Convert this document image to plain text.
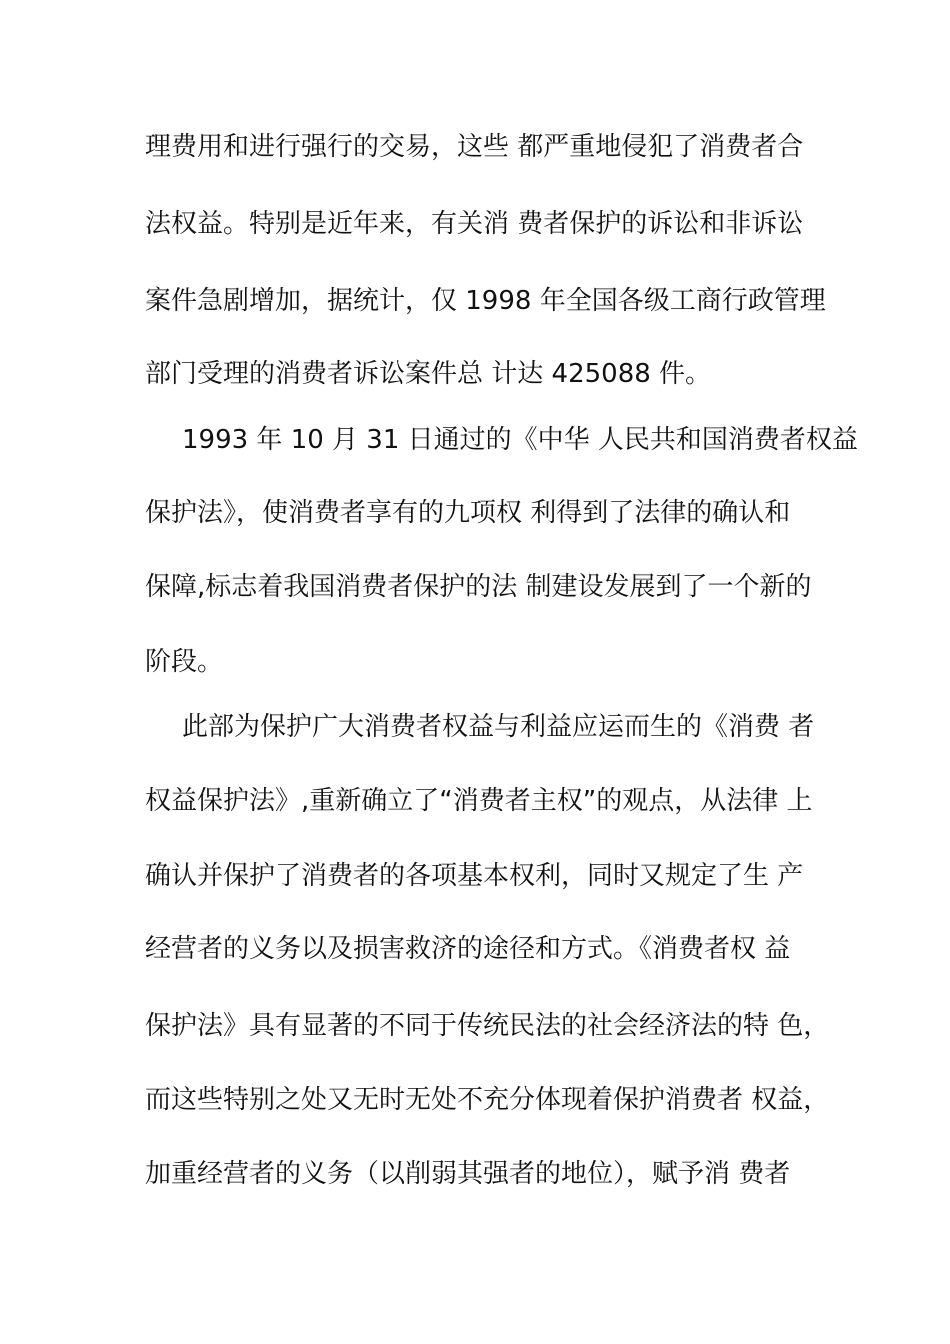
理费用和进行强行的交易，这些 都严重地侵犯了消费者合
法权益。特别是近年来，有关消 费者保护的诉讼和非诉讼
案件急剧增加，据统计，仅 1998 年全国各级工商行政管理
部门受理的消费者诉讼案件总 计达 425088 件。
1993 年 10 月 31 日通过的《中华 人民共和国消费者权益
保护法》，使消费者享有的九项权 利得到了法律的确认和
保障,标志着我国消费者保护的法 制建设发展到了一个新的
阶段。
此部为保护广大消费者权益与利益应运而生的《消费 者
权益保护法》,重新确立了“消费者主权”的观点，从法律 上
确认并保护了消费者的各项基本权利，同时又规定了生 产
经营者的义务以及损害救济的途径和方式。《消费者权 益
保护法》具有显著的不同于传统民法的社会经济法的特 色，
而这些特别之处又无时无处不充分体现着保护消费者 权益，
加重经营者的义务（以削弱其强者的地位），赋予消 费者
